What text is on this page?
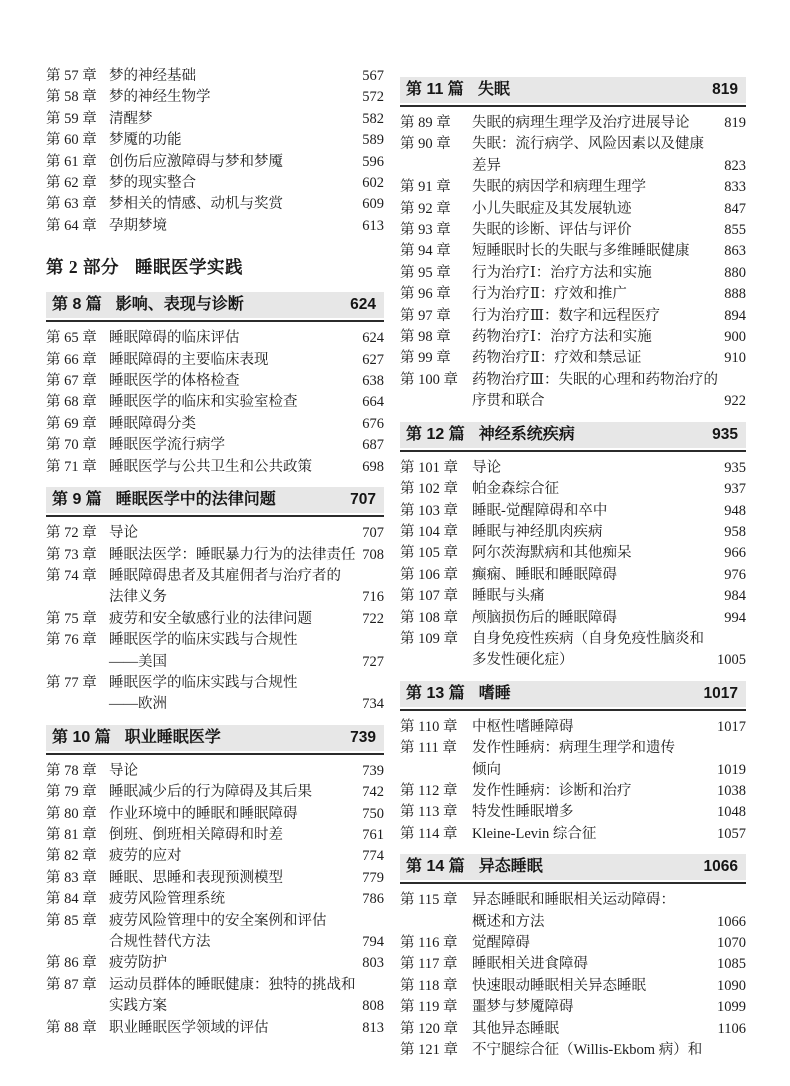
第 57 章 梦的神经基础	567
第 58 章 梦的神经生物学	572
第 59 章 清醒梦	582
第 60 章 梦魇的功能	589
第 61 章 创伤后应激障碍与梦和梦魇	596
第 62 章 梦的现实整合	602
第 63 章 梦相关的情感、动机与奖赏	609
第 64 章 孕期梦境	613
第 2 部分 睡眠医学实践
第 8 篇 影响、表现与诊断	624
第 65 章 睡眠障碍的临床评估	624
第 66 章 睡眠障碍的主要临床表现	627
第 67 章 睡眠医学的体格检查	638
第 68 章 睡眠医学的临床和实验室检查	664
第 69 章 睡眠障碍分类	676
第 70 章 睡眠医学流行病学	687
第 71 章 睡眠医学与公共卫生和公共政策	698
第 9 篇 睡眠医学中的法律问题	707
第 72 章 导论	707
第 73 章 睡眠法医学：睡眠暴力行为的法律责任 708
第 74 章 睡眠障碍患者及其雇佣者与治疗者的
法律义务	716
第 75 章 疲劳和安全敏感行业的法律问题	722
第 76 章 睡眠医学的临床实践与合规性
——美国	727
第 77 章 睡眠医学的临床实践与合规性
——欧洲	734
第 10 篇 职业睡眠医学	739
第 78 章 导论	739
第 79 章 睡眠减少后的行为障碍及其后果	742
第 80 章 作业环境中的睡眠和睡眠障碍	750
第 81 章 倒班、倒班相关障碍和时差	761
第 82 章 疲劳的应对	774
第 83 章 睡眠、思睡和表现预测模型	779
第 84 章 疲劳风险管理系统	786
第 85 章 疲劳风险管理中的安全案例和评估
合规性替代方法	794
第 86 章 疲劳防护	803
第 87 章 运动员群体的睡眠健康：独特的挑战和
实践方案	808
第 88 章 职业睡眠医学领域的评估	813
第 11 篇 失眠	819
第 89 章	失眠的病理生理学及治疗进展导论	819
第 90 章	失眠：流行病学、风险因素以及健康
差异	823
第 91 章	失眠的病因学和病理生理学	833
第 92 章	小儿失眠症及其发展轨迹	847
第 93 章	失眠的诊断、评估与评价	855
第 94 章	短睡眠时长的失眠与多维睡眠健康	863
第 95 章	行为治疗Ⅰ：治疗方法和实施	880
第 96 章	行为治疗Ⅱ：疗效和推广	888
第 97 章	行为治疗Ⅲ：数字和远程医疗	894
第 98 章	药物治疗Ⅰ：治疗方法和实施	900
第 99 章	药物治疗Ⅱ：疗效和禁忌证	910
第 100 章 药物治疗Ⅲ：失眠的心理和药物治疗的
序贯和联合	922
第 12 篇 神经系统疾病	935
第 101 章 导论	935
第 102 章 帕金森综合征	937
第 103 章 睡眠-觉醒障碍和卒中	948
第 104 章 睡眠与神经肌肉疾病	958
第 105 章 阿尔茨海默病和其他痴呆	966
第 106 章 癫痫、睡眠和睡眠障碍	976
第 107 章 睡眠与头痛	984
第 108 章 颅脑损伤后的睡眠障碍	994
第 109 章 自身免疫性疾病（自身免疫性脑炎和
多发性硬化症）	1005
第 13 篇 嗜睡	1017
第 110 章	中枢性嗜睡障碍	1017
第 111 章	发作性睡病：病理生理学和遗传
倾向	1019
第 112 章	发作性睡病：诊断和治疗	1038
第 113 章	特发性睡眠增多	1048
第 114 章	Kleine-Levin 综合征	1057
第 14 篇 异态睡眠	1066
第 115 章	异态睡眠和睡眠相关运动障碍：
概述和方法	1066
第 116 章	觉醒障碍	1070
第 117 章	睡眠相关进食障碍	1085
第 118 章	快速眼动睡眠相关异态睡眠	1090
第 119 章	噩梦与梦魇障碍	1099
第 120 章 其他异态睡眠	1106
第 121 章 不宁腿综合征（Willis-Ekbom 病）和
